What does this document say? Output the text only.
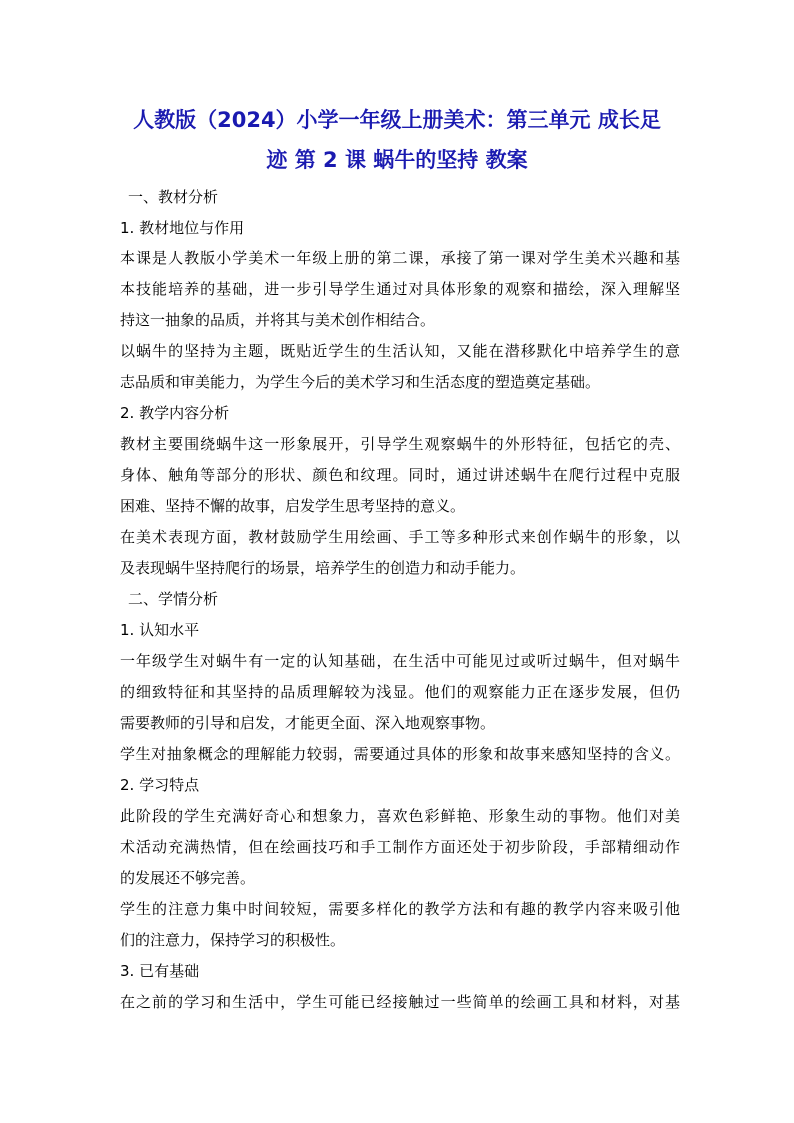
人教版（2024）小学一年级上册美术：第三单元 成长足
迹 第 2 课 蜗牛的坚持 教案
一、教材分析
1. 教材地位与作用
本课是人教版小学美术一年级上册的第二课，承接了第一课对学生美术兴趣和基
本技能培养的基础，进一步引导学生通过对具体形象的观察和描绘，深入理解坚
持这一抽象的品质，并将其与美术创作相结合。
以蜗牛的坚持为主题，既贴近学生的生活认知，又能在潜移默化中培养学生的意
志品质和审美能力，为学生今后的美术学习和生活态度的塑造奠定基础。
2. 教学内容分析
教材主要围绕蜗牛这一形象展开，引导学生观察蜗牛的外形特征，包括它的壳、
身体、触角等部分的形状、颜色和纹理。同时，通过讲述蜗牛在爬行过程中克服
困难、坚持不懈的故事，启发学生思考坚持的意义。
在美术表现方面，教材鼓励学生用绘画、手工等多种形式来创作蜗牛的形象，以
及表现蜗牛坚持爬行的场景，培养学生的创造力和动手能力。
二、学情分析
1. 认知水平
一年级学生对蜗牛有一定的认知基础，在生活中可能见过或听过蜗牛，但对蜗牛
的细致特征和其坚持的品质理解较为浅显。他们的观察能力正在逐步发展，但仍
需要教师的引导和启发，才能更全面、深入地观察事物。
学生对抽象概念的理解能力较弱，需要通过具体的形象和故事来感知坚持的含义。
2. 学习特点
此阶段的学生充满好奇心和想象力，喜欢色彩鲜艳、形象生动的事物。他们对美
术活动充满热情，但在绘画技巧和手工制作方面还处于初步阶段，手部精细动作
的发展还不够完善。
学生的注意力集中时间较短，需要多样化的教学方法和有趣的教学内容来吸引他
们的注意力，保持学习的积极性。
3. 已有基础
在之前的学习和生活中，学生可能已经接触过一些简单的绘画工具和材料，对基
